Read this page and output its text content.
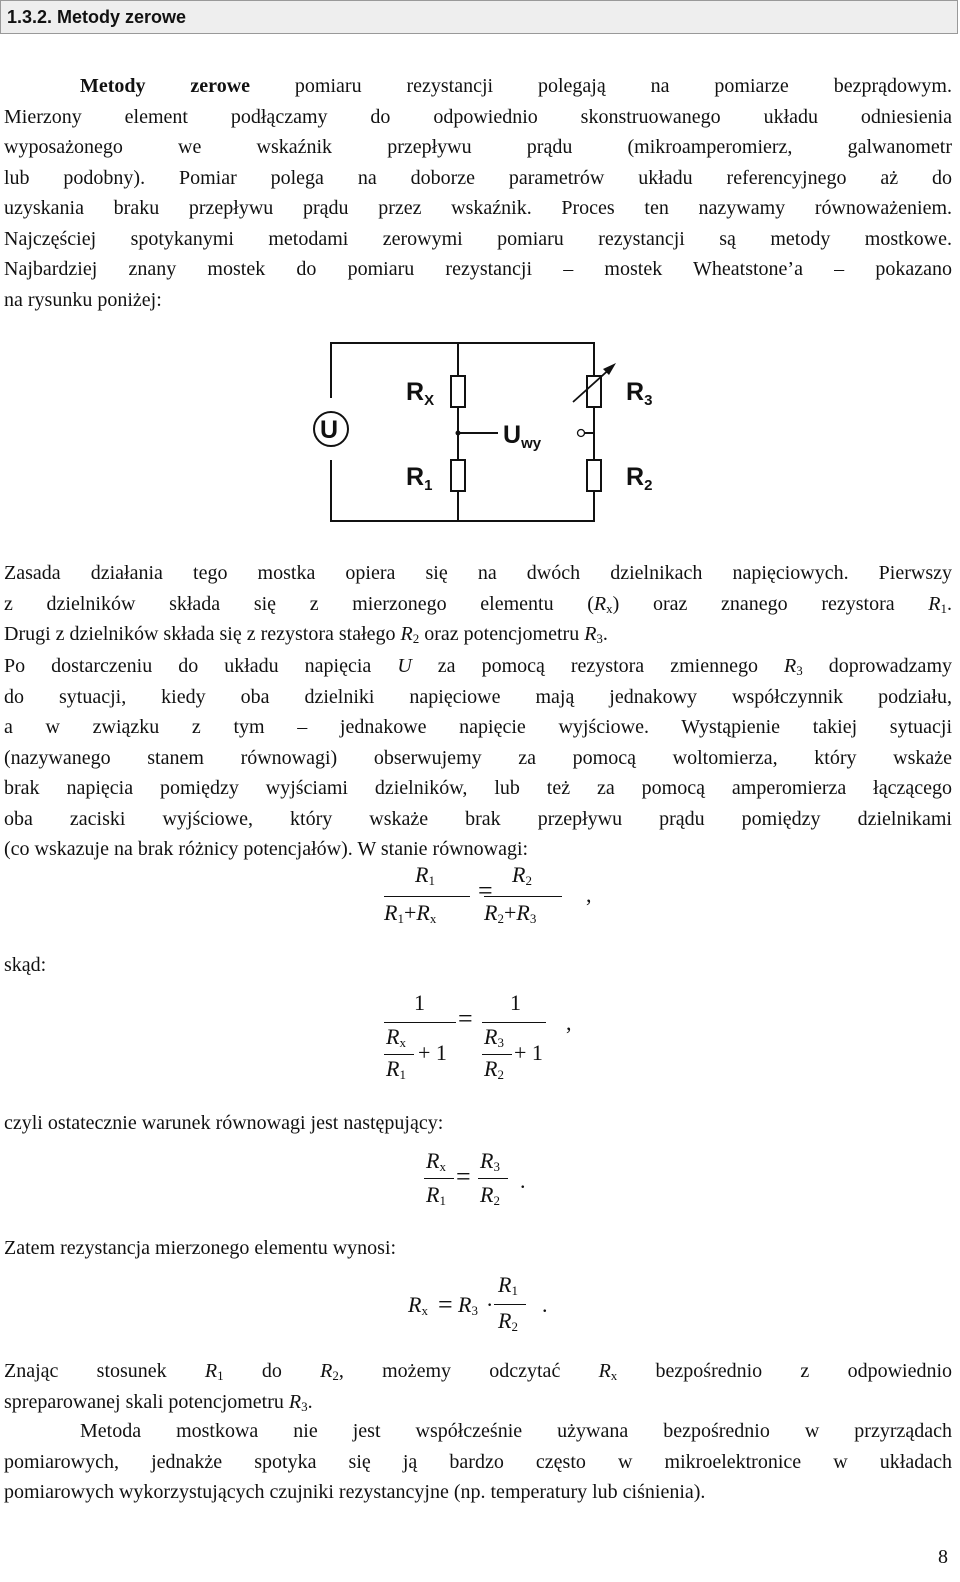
1.3.2. Metody zerowe
Metody zerowe pomiaru rezystancji polegają na pomiarze bezprądowym.
Mierzony element podłączamy do odpowiednio skonstruowanego układu odniesienia
wyposażonego we wskaźnik przepływu prądu (mikroamperomierz, galwanometr
lub podobny). Pomiar polega na doborze parametrów układu referencyjnego aż do
uzyskania braku przepływu prądu przez wskaźnik. Proces ten nazywamy równoważeniem.
Najczęściej spotykanymi metodami zerowymi pomiaru rezystancji są metody mostkowe.
Najbardziej znany mostek do pomiaru rezystancji – mostek Wheatstone’a – pokazano
na rysunku poniżej:
U
$R_X$
$R_1$
$R_3$
$R_2$
$U_{wy}$
Zasada działania tego mostka opiera się na dwóch dzielnikach napięciowych. Pierwszy
z dzielników składa się z mierzonego elementu $(R_x)$ oraz znanego rezystora $R_1$.
Drugi z dzielników składa się z rezystora stałego $R_2$ oraz potencjometru $R_3$.
Po dostarczeniu do układu napięcia U za pomocą rezystora zmiennego $R_3$ doprowadzamy
do sytuacji, kiedy oba dzielniki napięciowe mają jednakowy współczynnik podziału,
a w związku z tym – jednakowe napięcie wyjściowe. Wystąpienie takiej sytuacji
(nazywanego stanem równowagi) obserwujemy za pomocą woltomierza, który wskaże
brak napięcia pomiędzy wyjściami dzielników, lub też za pomocą amperomierza łączącego
oba zaciski wyjściowe, który wskaże brak przepływu prądu pomiędzy dzielnikami
(co wskazuje na brak różnicy potencjałów). W stanie równowagi:
$R_1$
$R_1+R_x$
=
$R_2$
$R_2+R_3$
,
skąd:
1
$R_x + 1$
$R_1$
=
1
$R_3 + 1$
$R_2$
,
czyli ostatecznie warunek równowagi jest następujący:
$R_x$
$R_1$
=
$R_3$
$R_2$
.
Zatem rezystancja mierzonego elementu wynosi:
$R_x = R_3$ ·
$R_1$
$R_2$
.
Znając stosunek $R_1$ do $R_2$, możemy odczytać $R_x$ bezpośrednio z odpowiednio
spreparowanej skali potencjometru $R_3$.
Metoda mostkowa nie jest współcześnie używana bezpośrednio w przyrządach
pomiarowych, jednakże spotyka się ją bardzo często w mikroelektronice w układach
pomiarowych wykorzystujących czujniki rezystancyjne (np. temperatury lub ciśnienia).
8
